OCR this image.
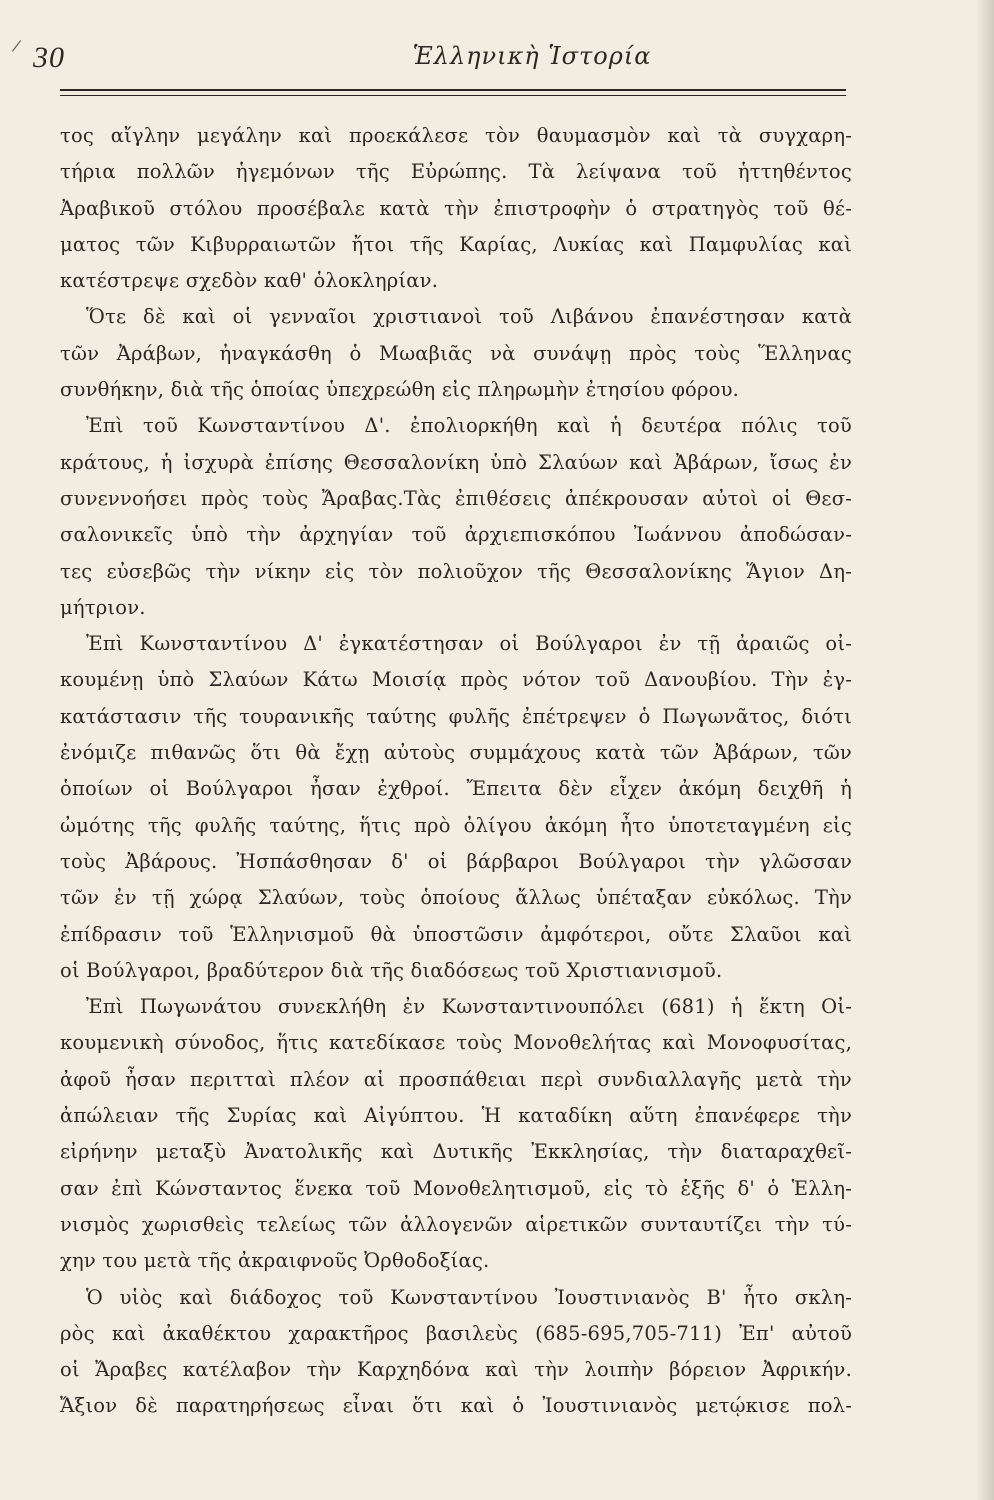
/ 30	Ἑλληνικὴ Ἱστορία
τος αἴγλην μεγάλην καὶ προεκάλεσε τὸν θαυμασμὸν καὶ τὰ συγχαρη-
τήρια πολλῶν ἡγεμόνων τῆς Εὐρώπης. Τὰ λείψανα τοῦ ἡττηθέντος
Ἀραβικοῦ στόλου προσέβαλε κατὰ τὴν ἐπιστροφὴν ὁ στρατηγὸς τοῦ θέ-
ματος τῶν Κιβυρραιωτῶν ἤτοι τῆς Καρίας, Λυκίας καὶ Παμφυλίας καὶ
κατέστρεψε σχεδὸν καθ' ὁλοκληρίαν.
Ὅτε δὲ καὶ οἱ γενναῖοι χριστιανοὶ τοῦ Λιβάνου ἐπανέστησαν κατὰ
τῶν Ἀράβων, ἠναγκάσθη ὁ Μωαβιᾶς νὰ συνάψῃ πρὸς τοὺς Ἕλληνας
συνθήκην, διὰ τῆς ὁποίας ὑπεχρεώθη εἰς πληρωμὴν ἐτησίου φόρου.
Ἐπὶ τοῦ Κωνσταντίνου Δ'. ἐπολιορκήθη καὶ ἡ δευτέρα πόλις τοῦ
κράτους, ἡ ἰσχυρὰ ἐπίσης Θεσσαλονίκη ὑπὸ Σλαύων καὶ Ἀβάρων, ἴσως ἐν
συνεννοήσει πρὸς τοὺς Ἄραβας.Τὰς ἐπιθέσεις ἀπέκρουσαν αὐτοὶ οἱ Θεσ-
σαλονικεῖς ὑπὸ τὴν ἀρχηγίαν τοῦ ἀρχιεπισκόπου Ἰωάννου ἀποδώσαν-
τες εὐσεβῶς τὴν νίκην εἰς τὸν πολιοῦχον τῆς Θεσσαλονίκης Ἅγιον Δη-
μήτριον.
Ἐπὶ Κωνσταντίνου Δ' ἐγκατέστησαν οἱ Βούλγαροι ἐν τῇ ἀραιῶς οἰ-
κουμένῃ ὑπὸ Σλαύων Κάτω Μοισίᾳ πρὸς νότον τοῦ Δανουβίου. Τὴν ἐγ-
κατάστασιν τῆς τουρανικῆς ταύτης φυλῆς ἐπέτρεψεν ὁ Πωγωνᾶτος, διότι
ἐνόμιζε πιθανῶς ὅτι θὰ ἔχῃ αὐτοὺς συμμάχους κατὰ τῶν Ἀβάρων, τῶν
ὁποίων οἱ Βούλγαροι ἦσαν ἐχθροί. Ἔπειτα δὲν εἶχεν ἀκόμη δειχθῆ ἡ
ὠμότης τῆς φυλῆς ταύτης, ἥτις πρὸ ὀλίγου ἀκόμη ἦτο ὑποτεταγμένη εἰς
τοὺς Ἀβάρους. Ἠσπάσθησαν δ' οἱ βάρβαροι Βούλγαροι τὴν γλῶσσαν
τῶν ἐν τῇ χώρᾳ Σλαύων, τοὺς ὁποίους ἄλλως ὑπέταξαν εὐκόλως. Τὴν
ἐπίδρασιν τοῦ Ἑλληνισμοῦ θὰ ὑποστῶσιν ἀμφότεροι, οὔτε Σλαῦοι καὶ
οἱ Βούλγαροι, βραδύτερον διὰ τῆς διαδόσεως τοῦ Χριστιανισμοῦ.
Ἐπὶ Πωγωνάτου συνεκλήθη ἐν Κωνσταντινουπόλει (681) ἡ ἕκτη Οἰ-
κουμενικὴ σύνοδος, ἥτις κατεδίκασε τοὺς Μονοθελήτας καὶ Μονοφυσίτας,
ἀφοῦ ἦσαν περιτταὶ πλέον αἱ προσπάθειαι περὶ συνδιαλλαγῆς μετὰ τὴν
ἀπώλειαν τῆς Συρίας καὶ Αἰγύπτου. Ἡ καταδίκη αὕτη ἐπανέφερε τὴν
εἰρήνην μεταξὺ Ἀνατολικῆς καὶ Δυτικῆς Ἐκκλησίας, τὴν διαταραχθεῖ-
σαν ἐπὶ Κώνσταντος ἕνεκα τοῦ Μονοθελητισμοῦ, εἰς τὸ ἑξῆς δ' ὁ Ἑλλη-
νισμὸς χωρισθεὶς τελείως τῶν ἀλλογενῶν αἱρετικῶν συνταυτίζει τὴν τύ-
χην του μετὰ τῆς ἀκραιφνοῦς Ὀρθοδοξίας.
Ὁ υἱὸς καὶ διάδοχος τοῦ Κωνσταντίνου Ἰουστινιανὸς Β' ἦτο σκλη-
ρὸς καὶ ἀκαθέκτου χαρακτῆρος βασιλεὺς (685-695,705-711) Ἐπ' αὐτοῦ
οἱ Ἄραβες κατέλαβον τὴν Καρχηδόνα καὶ τὴν λοιπὴν βόρειον Ἀφρικήν.
Ἄξιον δὲ παρατηρήσεως εἶναι ὅτι καὶ ὁ Ἰουστινιανὸς μετῴκισε πολ-
